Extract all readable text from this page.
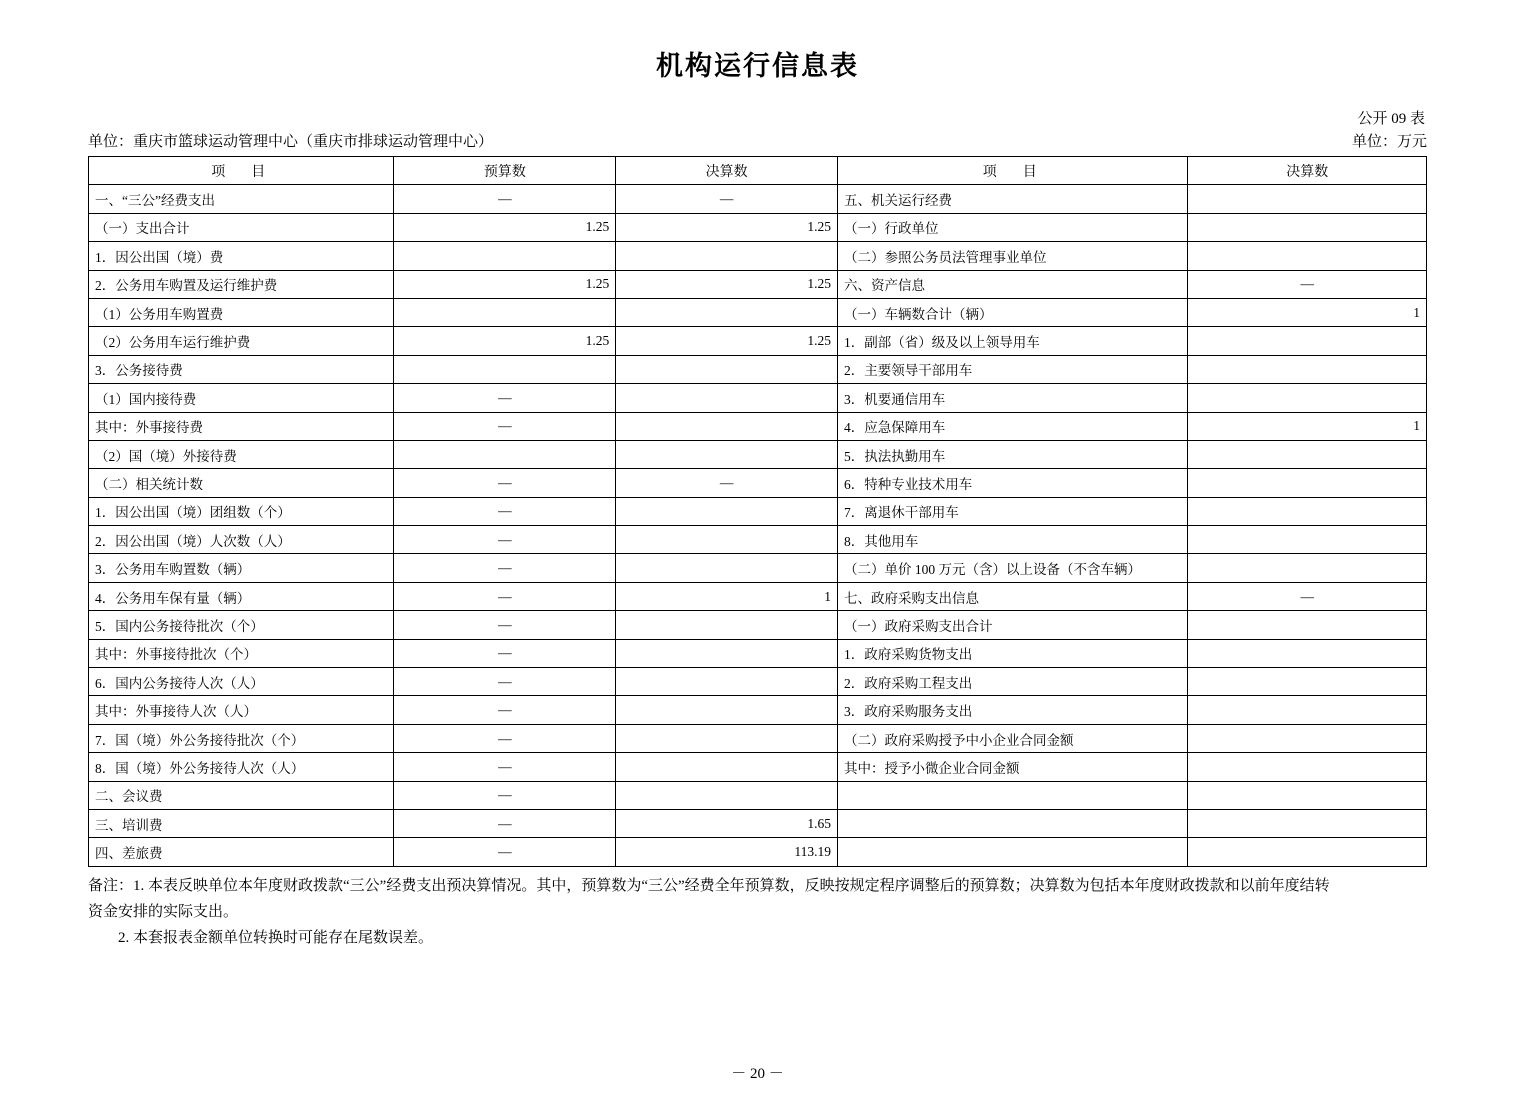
机构运行信息表
公开 09 表
单位：重庆市篮球运动管理中心（重庆市排球运动管理中心）	单位：万元
项　目	预算数	决算数	项　目	决算数
一、“三公”经费支出	—	—	五、机关运行经费	
（一）支出合计	1.25	1.25	（一）行政单位	
1．因公出国（境）费			（二）参照公务员法管理事业单位	
2．公务用车购置及运行维护费	1.25	1.25	六、资产信息	—
（1）公务用车购置费			（一）车辆数合计（辆）	1
（2）公务用车运行维护费	1.25	1.25	1．副部（省）级及以上领导用车	
3．公务接待费			2．主要领导干部用车	
（1）国内接待费	—		3．机要通信用车	
其中：外事接待费	—		4．应急保障用车	1
（2）国（境）外接待费			5．执法执勤用车	
（二）相关统计数	—	—	6．特种专业技术用车	
1．因公出国（境）团组数（个）	—		7．离退休干部用车	
2．因公出国（境）人次数（人）	—		8．其他用车	
3．公务用车购置数（辆）	—		（二）单价 100 万元（含）以上设备（不含车辆）	
4．公务用车保有量（辆）	—	1	七、政府采购支出信息	—
5．国内公务接待批次（个）	—		（一）政府采购支出合计	
其中：外事接待批次（个）	—		1．政府采购货物支出	
6．国内公务接待人次（人）	—		2．政府采购工程支出	
其中：外事接待人次（人）	—		3．政府采购服务支出	
7．国（境）外公务接待批次（个）	—		（二）政府采购授予中小企业合同金额	
8．国（境）外公务接待人次（人）	—		其中：授予小微企业合同金额	
二、会议费	—			
三、培训费	—	1.65		
四、差旅费	—	113.19		

备注：1. 本表反映单位本年度财政拨款“三公”经费支出预决算情况。其中，预算数为“三公”经费全年预算数，反映按规定程序调整后的预算数；决算数为包括本年度财政拨款和以前年度结转

资金安排的实际支出。

2. 本套报表金额单位转换时可能存在尾数误差。

－ 20 －
